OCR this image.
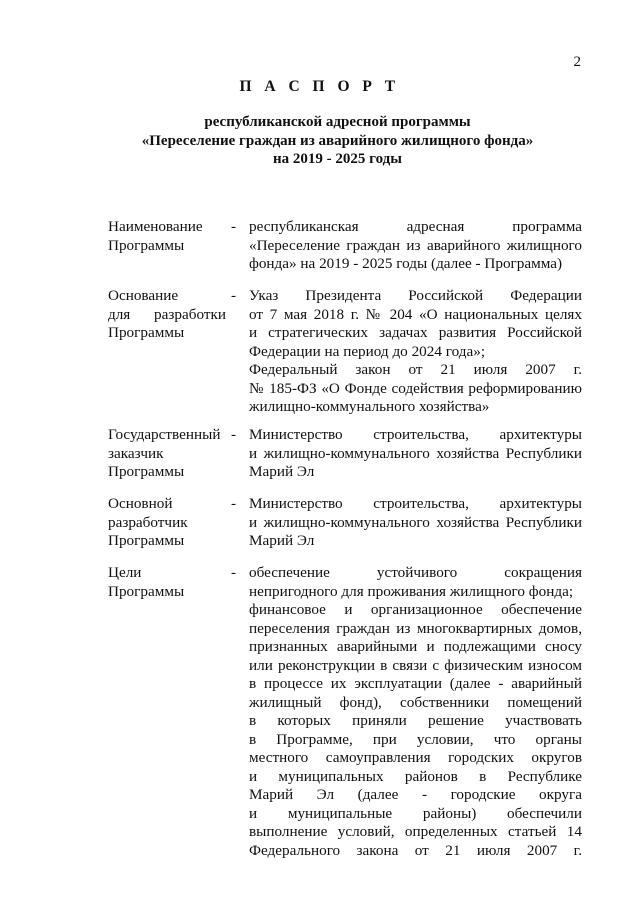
2
П А С П О Р Т
республиканской адресной программы
«Переселение граждан из аварийного жилищного фонда»
на 2019 - 2025 годы
Наименование
Программы
- республиканская адресная программа
«Переселение граждан из аварийного жилищного
фонда» на 2019 - 2025 годы (далее - Программа)
Основание
для разработки
Программы
- Указ Президента Российской Федерации
от 7 мая 2018 г. № 204 «О национальных целях
и стратегических задачах развития Российской
Федерации на период до 2024 года»;
Федеральный закон от 21 июля 2007 г.
№ 185-ФЗ «О Фонде содействия реформированию
жилищно-коммунального хозяйства»
Государственный
заказчик
Программы
- Министерство строительства, архитектуры
и жилищно-коммунального хозяйства Республики
Марий Эл
Основной
разработчик
Программы
- Министерство строительства, архитектуры
и жилищно-коммунального хозяйства Республики
Марий Эл
Цели
Программы
- обеспечение устойчивого сокращения
непригодного для проживания жилищного фонда;
финансовое и организационное обеспечение
переселения граждан из многоквартирных домов,
признанных аварийными и подлежащими сносу
или реконструкции в связи с физическим износом
в процессе их эксплуатации (далее - аварийный
жилищный фонд), собственники помещений
в которых приняли решение участвовать
в Программе, при условии, что органы
местного самоуправления городских округов
и муниципальных районов в Республике
Марий Эл (далее - городские округа
и муниципальные районы) обеспечили
выполнение условий, определенных статьей 14
Федерального закона от 21 июля 2007 г.
